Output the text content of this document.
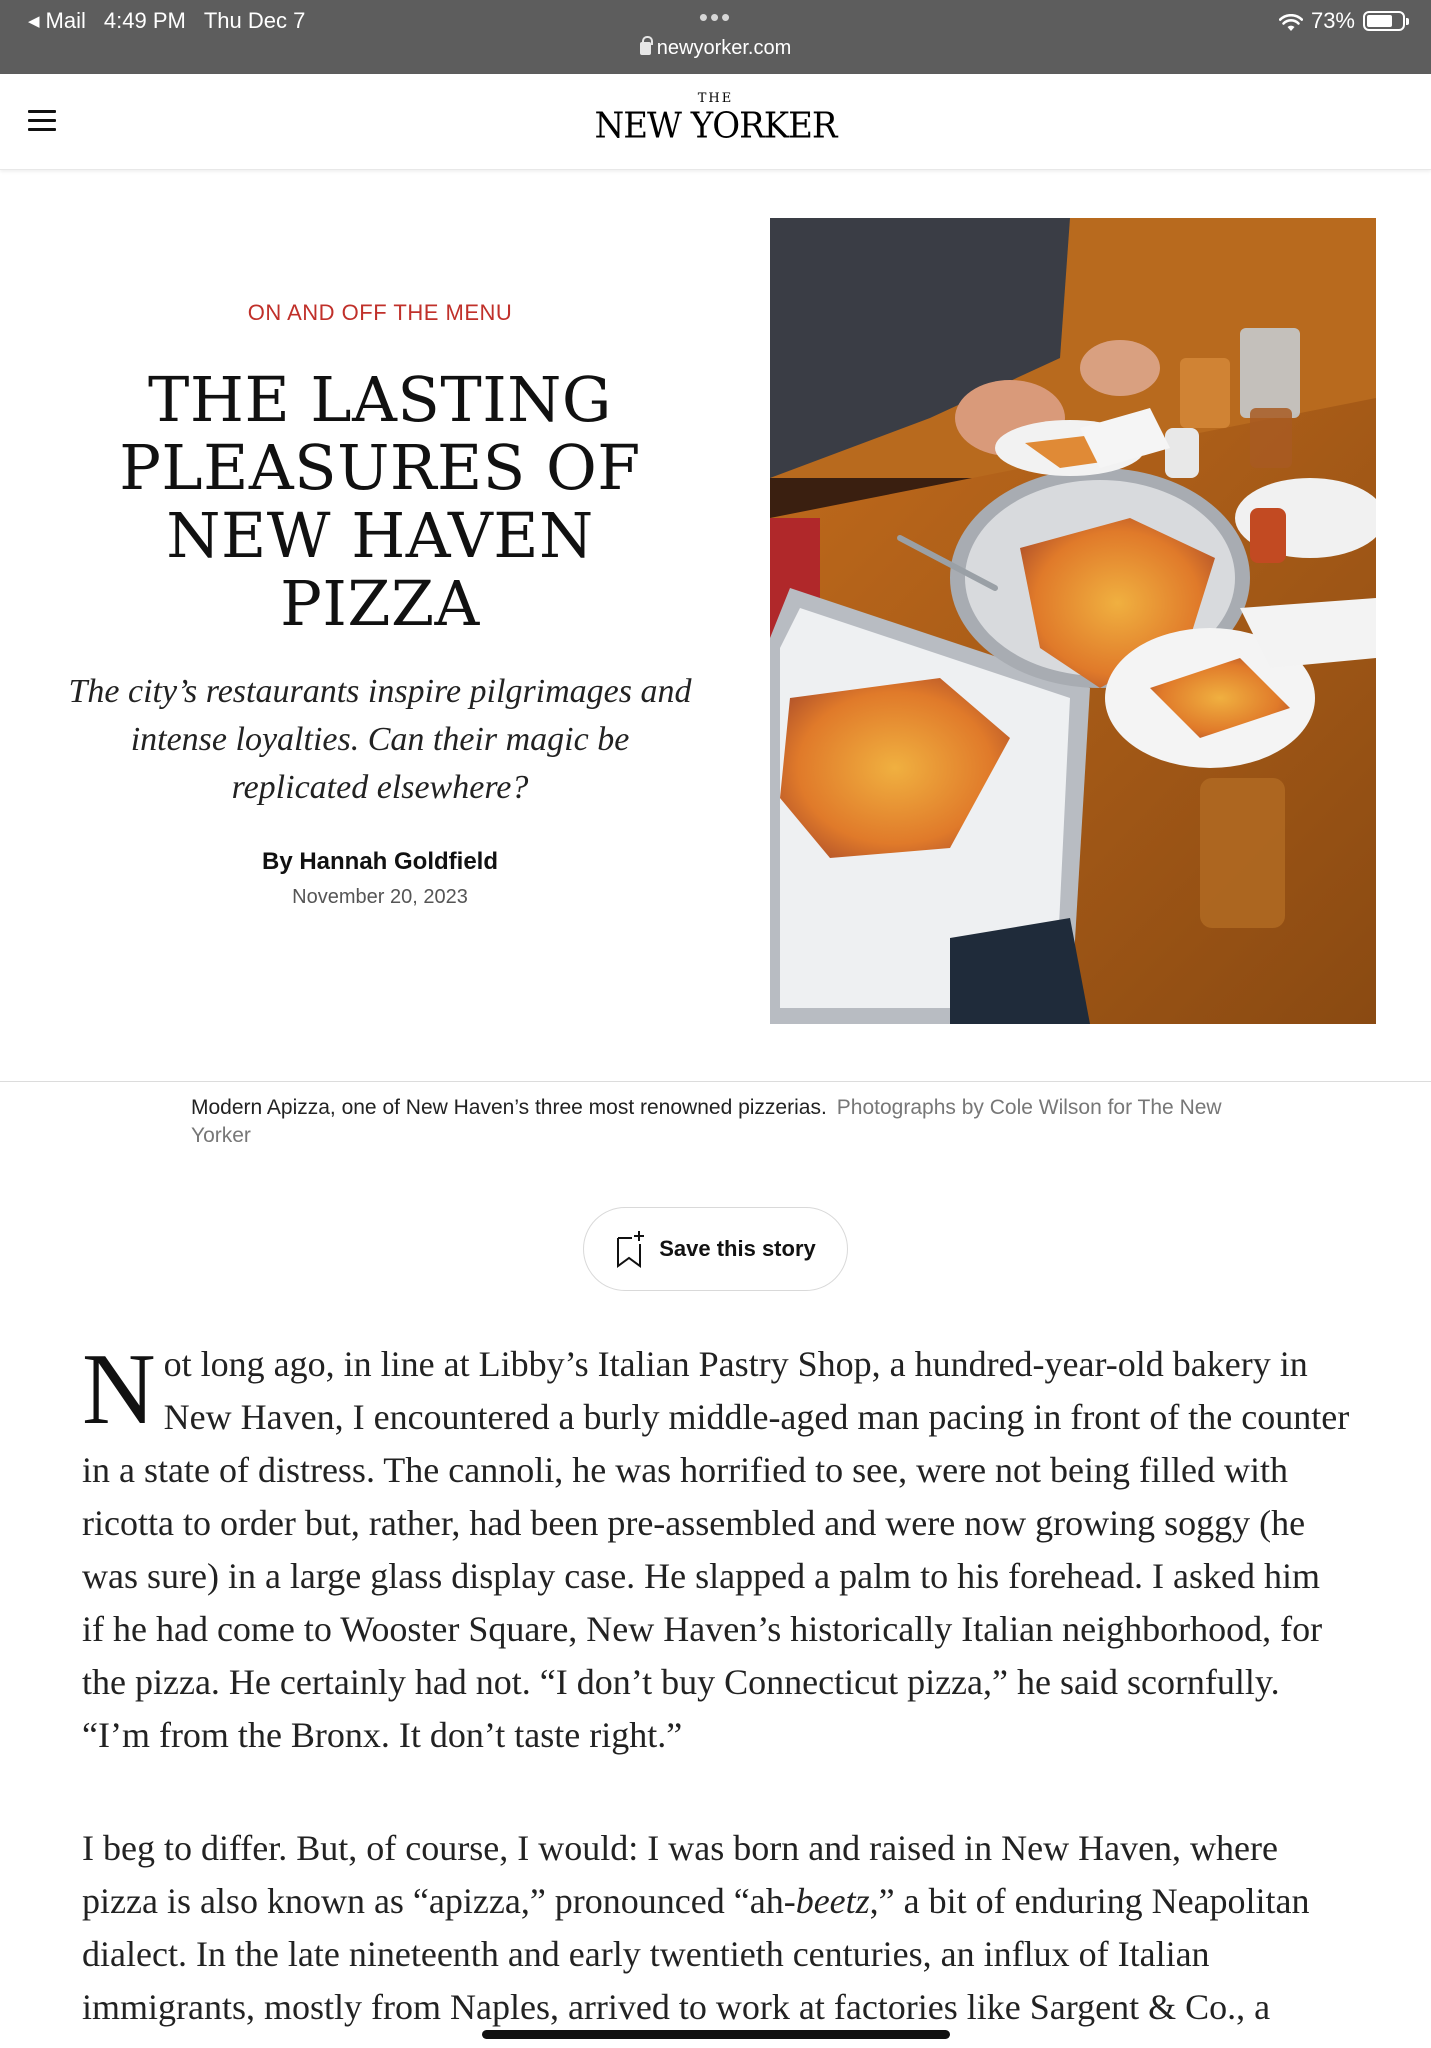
◀ Mail 4:49 PM Thu Dec 7	•••
newyorker.com
73%
THE
NEW YORKER
ON AND OFF THE MENU
THE LASTING PLEASURES OF NEW HAVEN PIZZA
The city’s restaurants inspire pilgrimages and intense loyalties. Can their magic be replicated elsewhere?
By Hannah Goldfield
November 20, 2023
Modern Apizza, one of New Haven’s three most renowned pizzerias. Photographs by Cole Wilson for The New Yorker
Save this story

Not long ago, in line at Libby’s Italian Pastry Shop, a hundred-year-old bakery in New Haven, I encountered a burly middle-aged man pacing in front of the counter in a state of distress. The cannoli, he was horrified to see, were not being filled with ricotta to order but, rather, had been pre-assembled and were now growing soggy (he was sure) in a large glass display case. He slapped a palm to his forehead. I asked him if he had come to Wooster Square, New Haven’s historically Italian neighborhood, for the pizza. He certainly had not. “I don’t buy Connecticut pizza,” he said scornfully. “I’m from the Bronx. It don’t taste right.”

I beg to differ. But, of course, I would: I was born and raised in New Haven, where pizza is also known as “apizza,” pronounced “ah-beetz,” a bit of enduring Neapolitan dialect. In the late nineteenth and early twentieth centuries, an influx of Italian immigrants, mostly from Naples, arrived to work at factories like Sargent & Co., a
